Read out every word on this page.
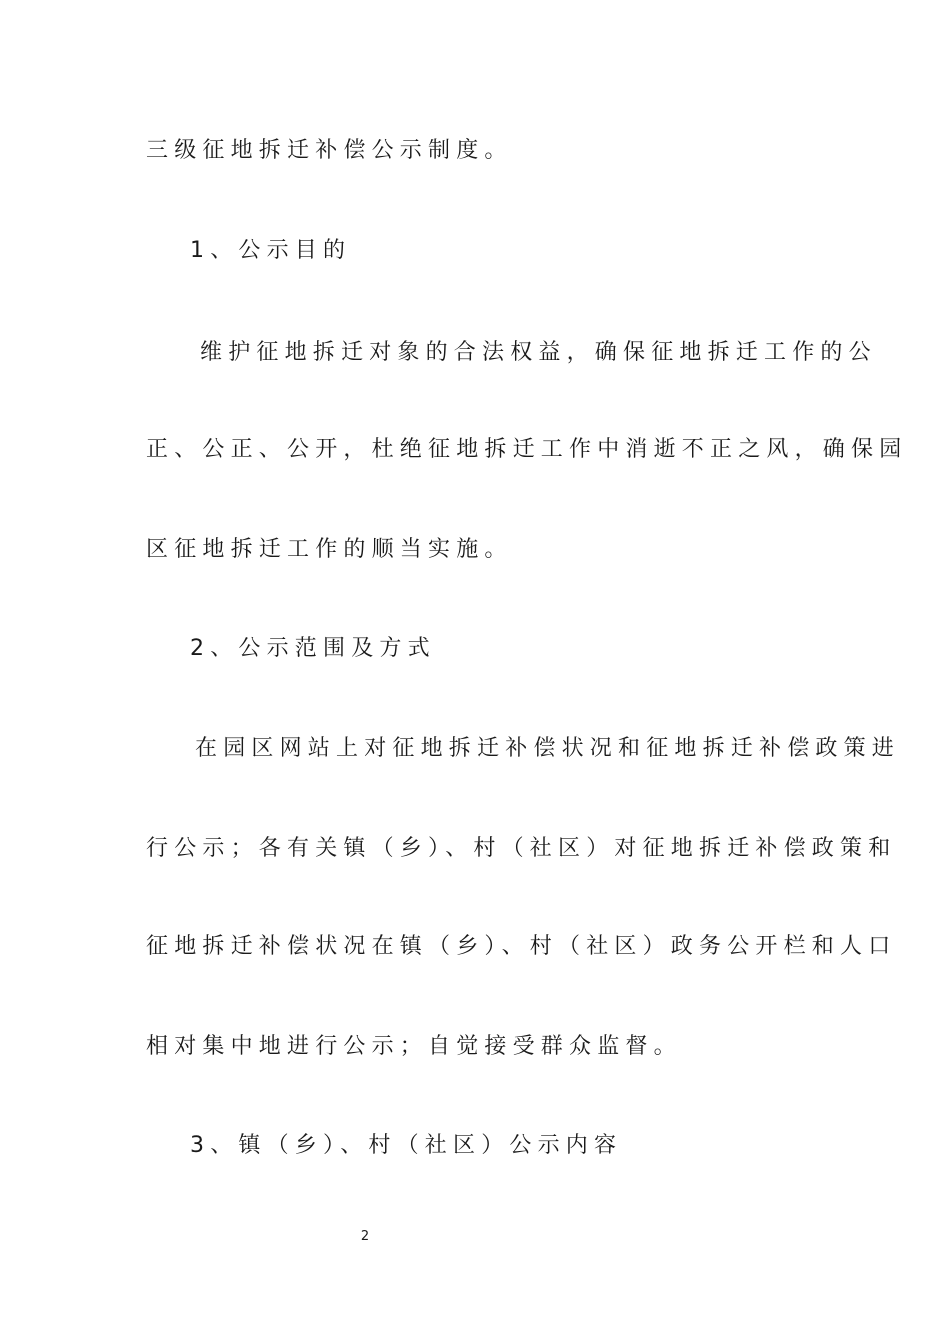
三级征地拆迁补偿公示制度。
1、公示目的
维护征地拆迁对象的合法权益，确保征地拆迁工作的公
正、公正、公开，杜绝征地拆迁工作中消逝不正之风，确保园
区征地拆迁工作的顺当实施。
2、公示范围及方式
在园区网站上对征地拆迁补偿状况和征地拆迁补偿政策进
行公示；各有关镇（乡）、村（社区）对征地拆迁补偿政策和
征地拆迁补偿状况在镇（乡）、村（社区）政务公开栏和人口
相对集中地进行公示；自觉接受群众监督。
3、镇（乡）、村（社区）公示内容
2
